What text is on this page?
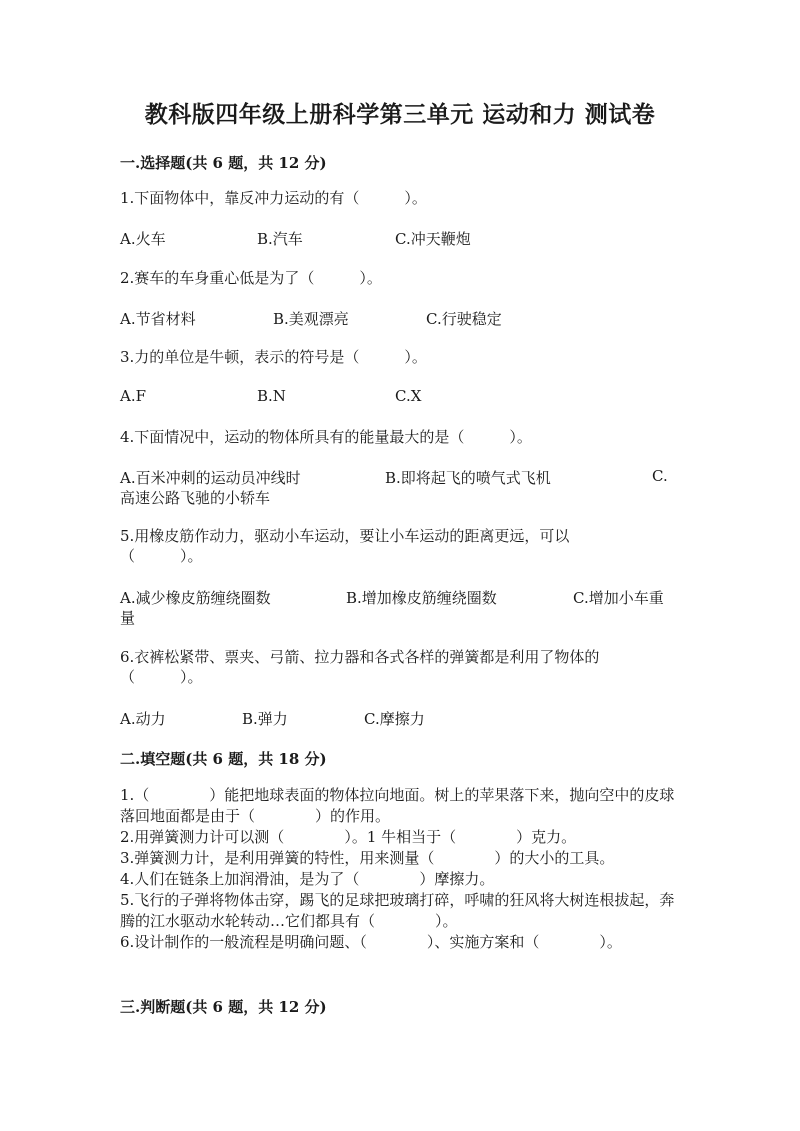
教科版四年级上册科学第三单元 运动和力 测试卷
一.选择题(共 6 题，共 12 分)
1.下面物体中，靠反冲力运动的有（　　　）。
A.火车	B.汽车	C.冲天鞭炮
2.赛车的车身重心低是为了（　　　）。
A.节省材料	B.美观漂亮	C.行驶稳定
3.力的单位是牛顿，表示的符号是（　　　）。
A.F	B.N	C.X
4.下面情况中，运动的物体所具有的能量最大的是（　　　）。
A.百米冲刺的运动员冲线时	B.即将起飞的喷气式飞机	C.
高速公路飞驰的小轿车
5.用橡皮筋作动力，驱动小车运动，要让小车运动的距离更远，可以
（　　　）。
A.减少橡皮筋缠绕圈数	B.增加橡皮筋缠绕圈数	C.增加小车重
量
6.衣裤松紧带、票夹、弓箭、拉力器和各式各样的弹簧都是利用了物体的
（　　　）。
A.动力	B.弹力	C.摩擦力
二.填空题(共 6 题，共 18 分)
1.（　　　　）能把地球表面的物体拉向地面。树上的苹果落下来，抛向空中的皮球落回地面都是由于（　　　　）的作用。
2.用弹簧测力计可以测（　　　　）。1 牛相当于（　　　　）克力。
3.弹簧测力计，是利用弹簧的特性，用来测量（　　　　）的大小的工具。
4.人们在链条上加润滑油，是为了（　　　　）摩擦力。
5.飞行的子弹将物体击穿，踢飞的足球把玻璃打碎，呼啸的狂风将大树连根拔起，奔腾的江水驱动水轮转动…它们都具有（　　　　）。
6.设计制作的一般流程是明确问题、（　　　　）、实施方案和（　　　　）。
三.判断题(共 6 题，共 12 分)
